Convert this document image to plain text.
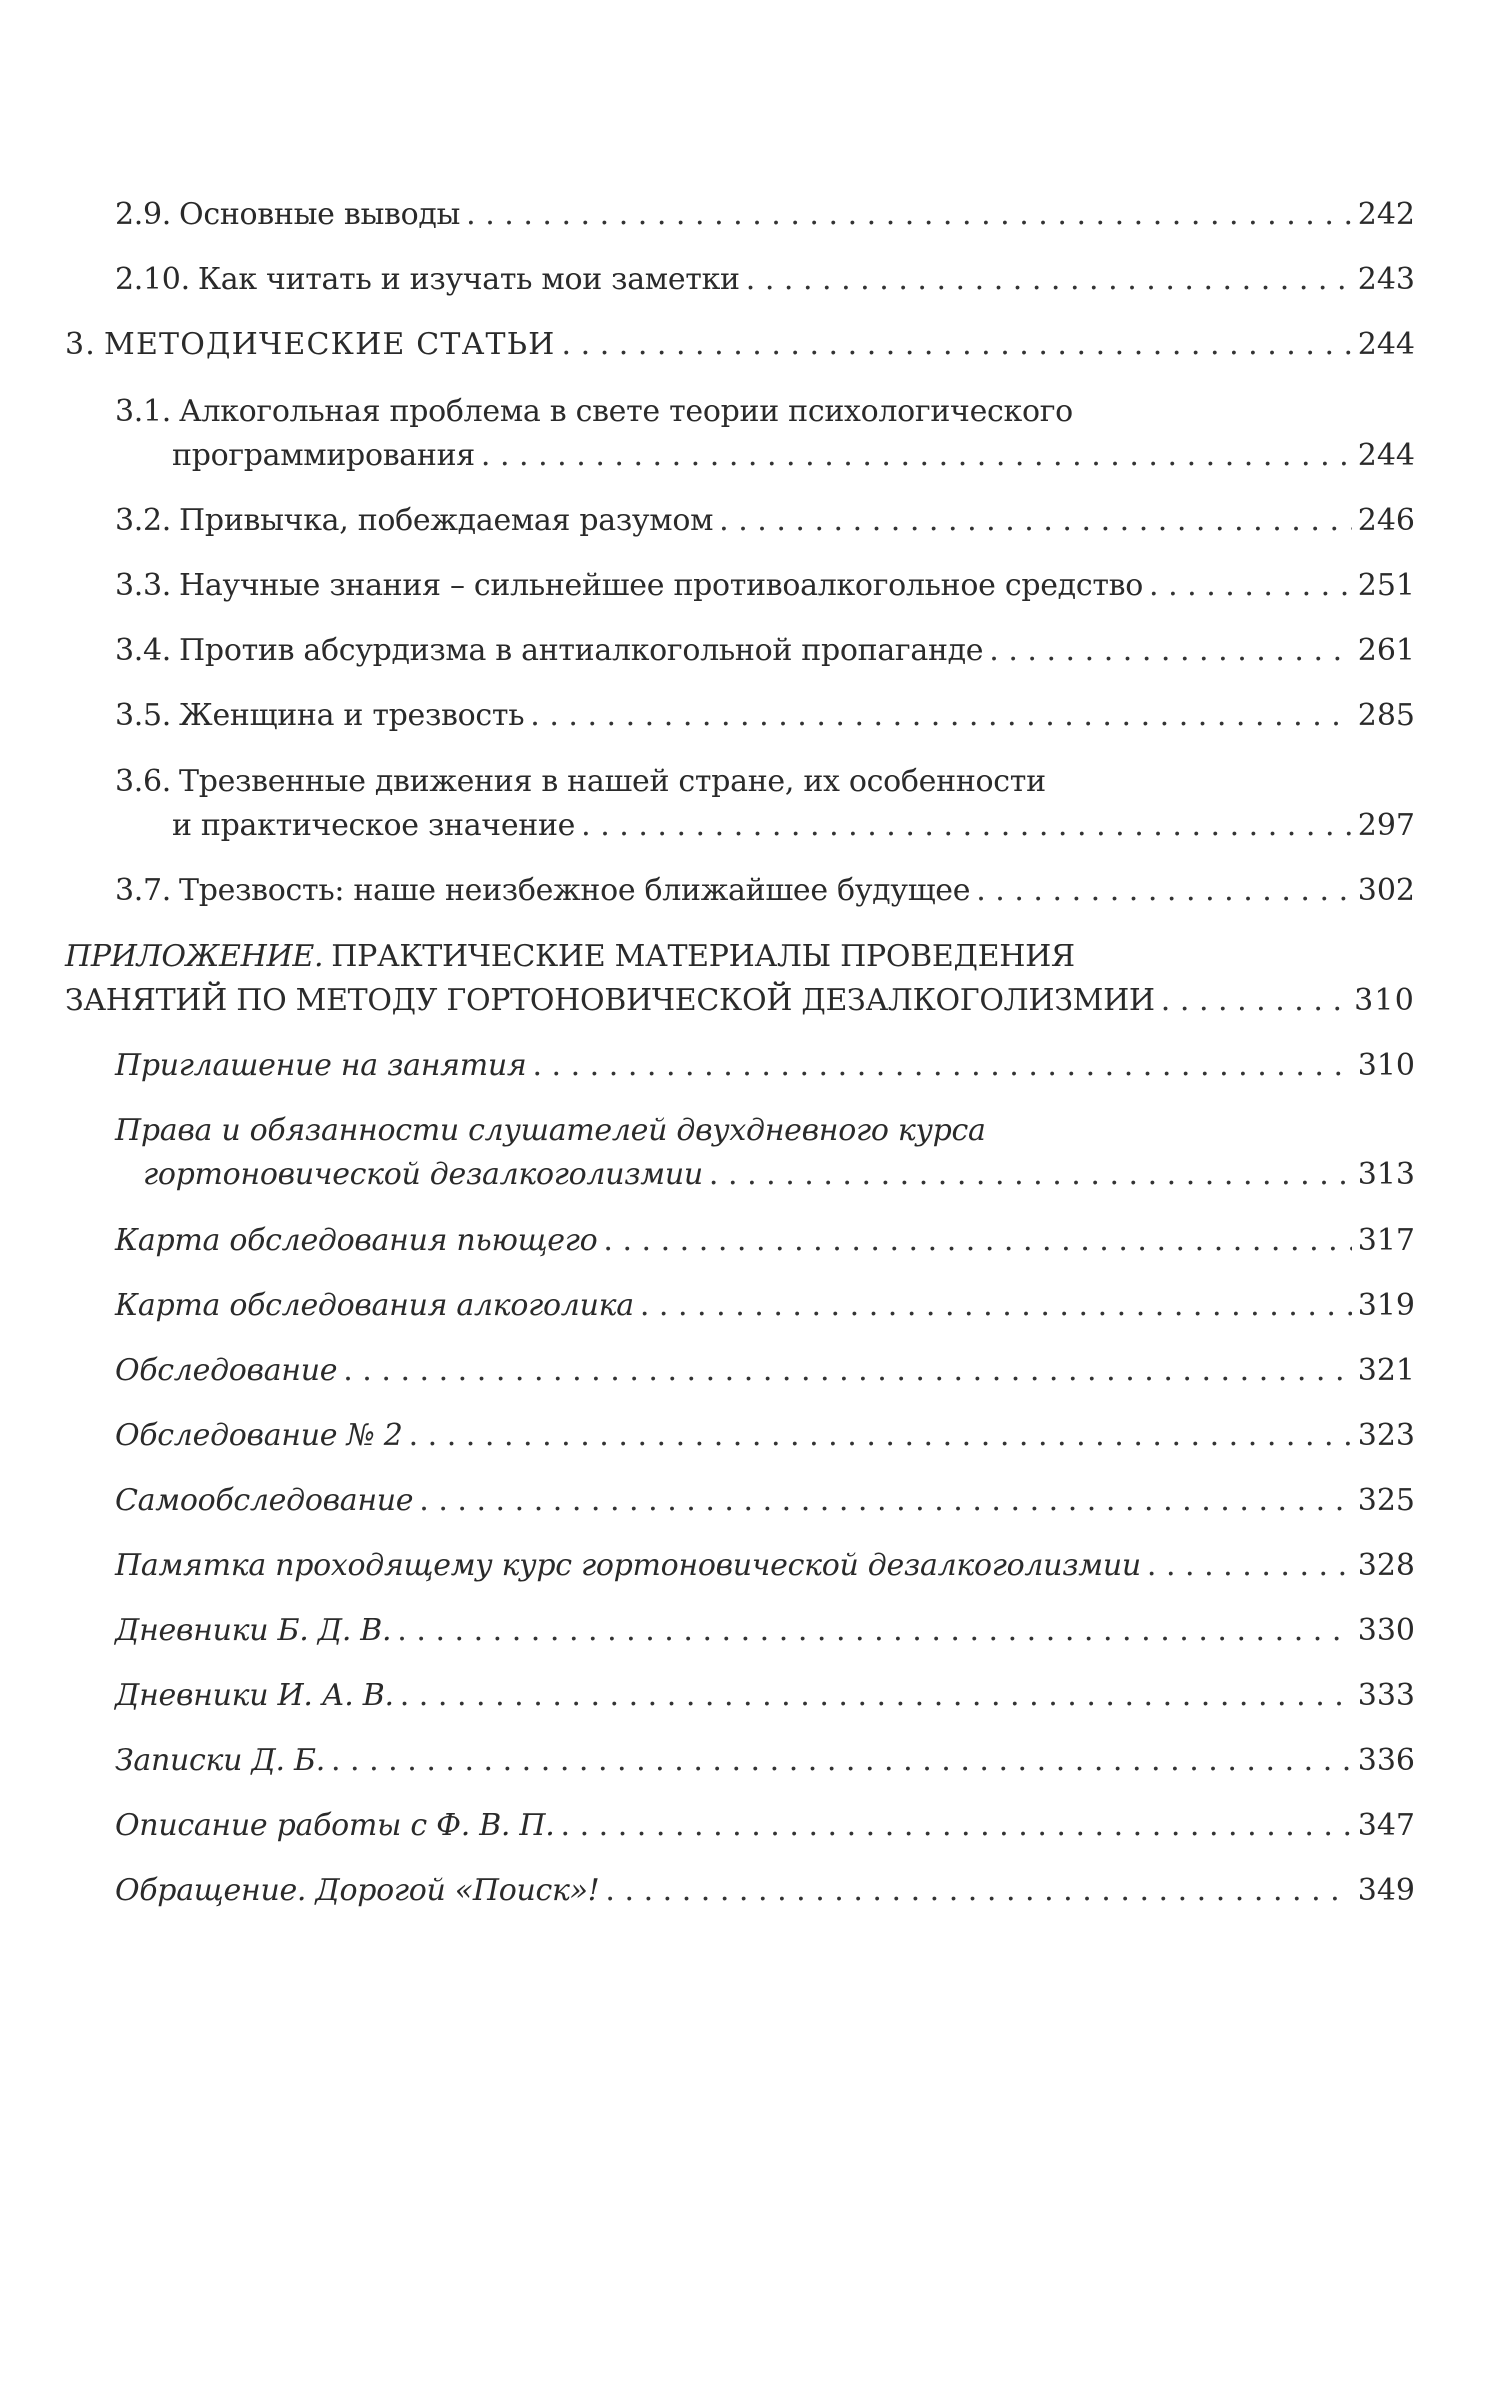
2.9. Основные выводы . . .	242
2.10. Как читать и изучать мои заметки . . .	243
3. МЕТОДИЧЕСКИЕ СТАТЬИ . . .	244
3.1. Алкогольная проблема в свете теории психологического
программирования . . .	244
3.2. Привычка, побеждаемая разумом . . .	246
3.3. Научные знания – сильнейшее противоалкогольное средство . . .	251
3.4. Против абсурдизма в антиалкогольной пропаганде . . .	261
3.5. Женщина и трезвость . . .	285
3.6. Трезвенные движения в нашей стране, их особенности
и практическое значение . . .	297
3.7. Трезвость: наше неизбежное ближайшее будущее . . .	302
ПРИЛОЖЕНИЕ. ПРАКТИЧЕСКИЕ МАТЕРИАЛЫ ПРОВЕДЕНИЯ
ЗАНЯТИЙ ПО МЕТОДУ ГОРТОНОВИЧЕСКОЙ ДЕЗАЛКОГОЛИЗМИИ . . .	310
Приглашение на занятия . . .	310
Права и обязанности слушателей двухдневного курса
гортоновической дезалкоголизмии . . .	313
Карта обследования пьющего . . .	317
Карта обследования алкоголика . . .	319
Обследование . . .	321
Обследование № 2 . . .	323
Самообследование . . .	325
Памятка проходящему курс гортоновической дезалкоголизмии . . .	328
Дневники Б. Д. В. . . .	330
Дневники И. А. В. . . .	333
Записки Д. Б. . . .	336
Описание работы с Ф. В. П. . . .	347
Обращение. Дорогой «Поиск»! . . .	349
